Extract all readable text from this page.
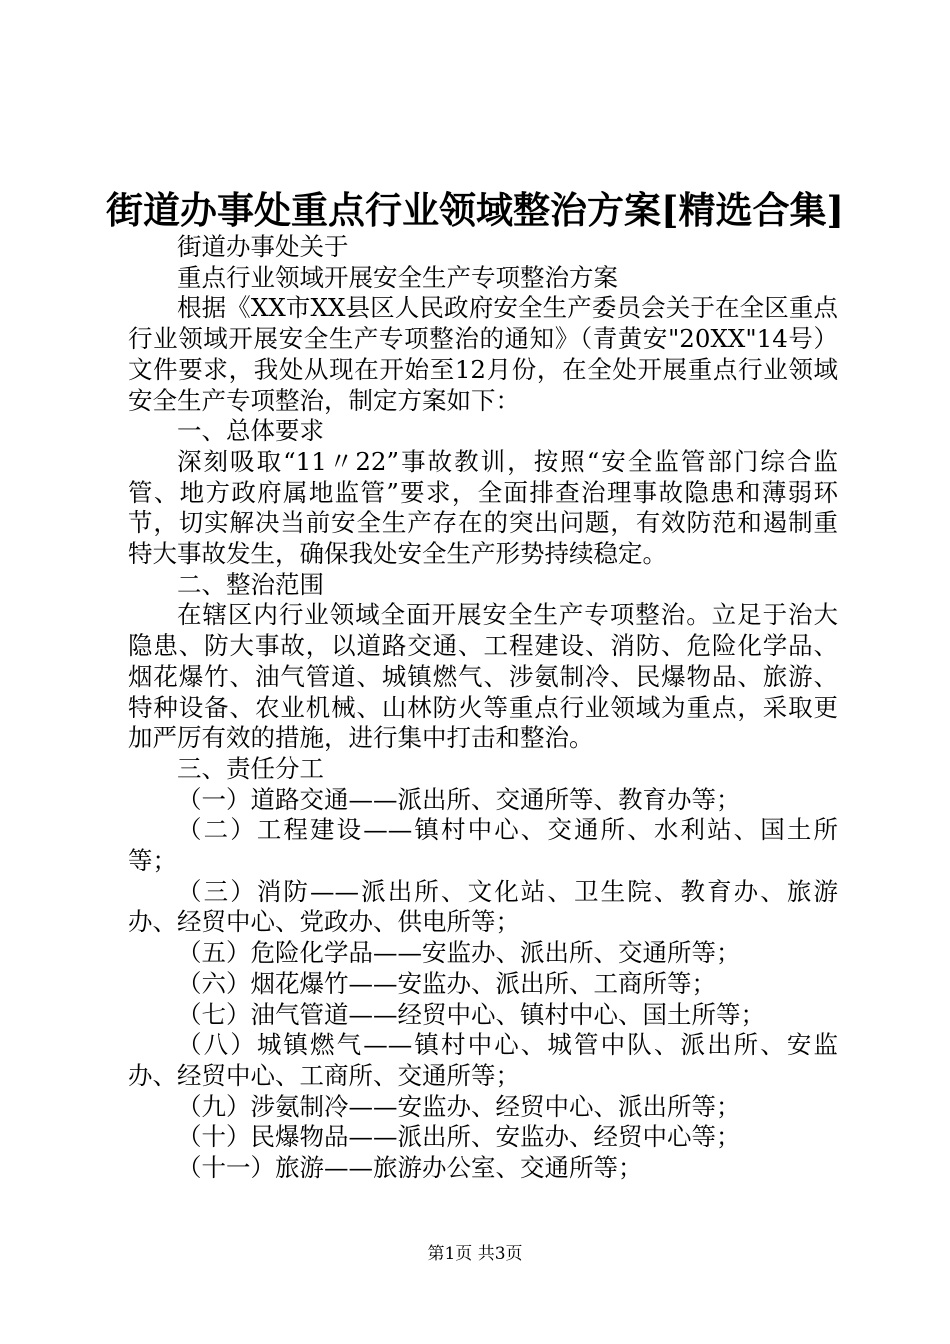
街道办事处重点行业领域整治方案[精选合集]

街道办事处关于

重点行业领域开展安全生产专项整治方案

根据《XX市XX县区人民政府安全生产委员会关于在全区重点行业领域开展安全生产专项整治的通知》（青黄安"20XX"14号）文件要求，我处从现在开始至12月份，在全处开展重点行业领域安全生产专项整治，制定方案如下：

一、总体要求

深刻吸取“11〃22”事故教训，按照“安全监管部门综合监管、地方政府属地监管”要求，全面排查治理事故隐患和薄弱环节，切实解决当前安全生产存在的突出问题，有效防范和遏制重特大事故发生，确保我处安全生产形势持续稳定。

二、整治范围

在辖区内行业领域全面开展安全生产专项整治。立足于治大隐患、防大事故，以道路交通、工程建设、消防、危险化学品、烟花爆竹、油气管道、城镇燃气、涉氨制冷、民爆物品、旅游、特种设备、农业机械、山林防火等重点行业领域为重点，采取更加严厉有效的措施，进行集中打击和整治。

三、责任分工

（一）道路交通——派出所、交通所等、教育办等；

（二）工程建设——镇村中心、交通所、水利站、国土所等；

（三）消防——派出所、文化站、卫生院、教育办、旅游办、经贸中心、党政办、供电所等；

（五）危险化学品——安监办、派出所、交通所等；

（六）烟花爆竹——安监办、派出所、工商所等；

（七）油气管道——经贸中心、镇村中心、国土所等；

（八）城镇燃气——镇村中心、城管中队、派出所、安监办、经贸中心、工商所、交通所等；

（九）涉氨制冷——安监办、经贸中心、派出所等；

（十）民爆物品——派出所、安监办、经贸中心等；

（十一）旅游——旅游办公室、交通所等；

第1页 共3页
